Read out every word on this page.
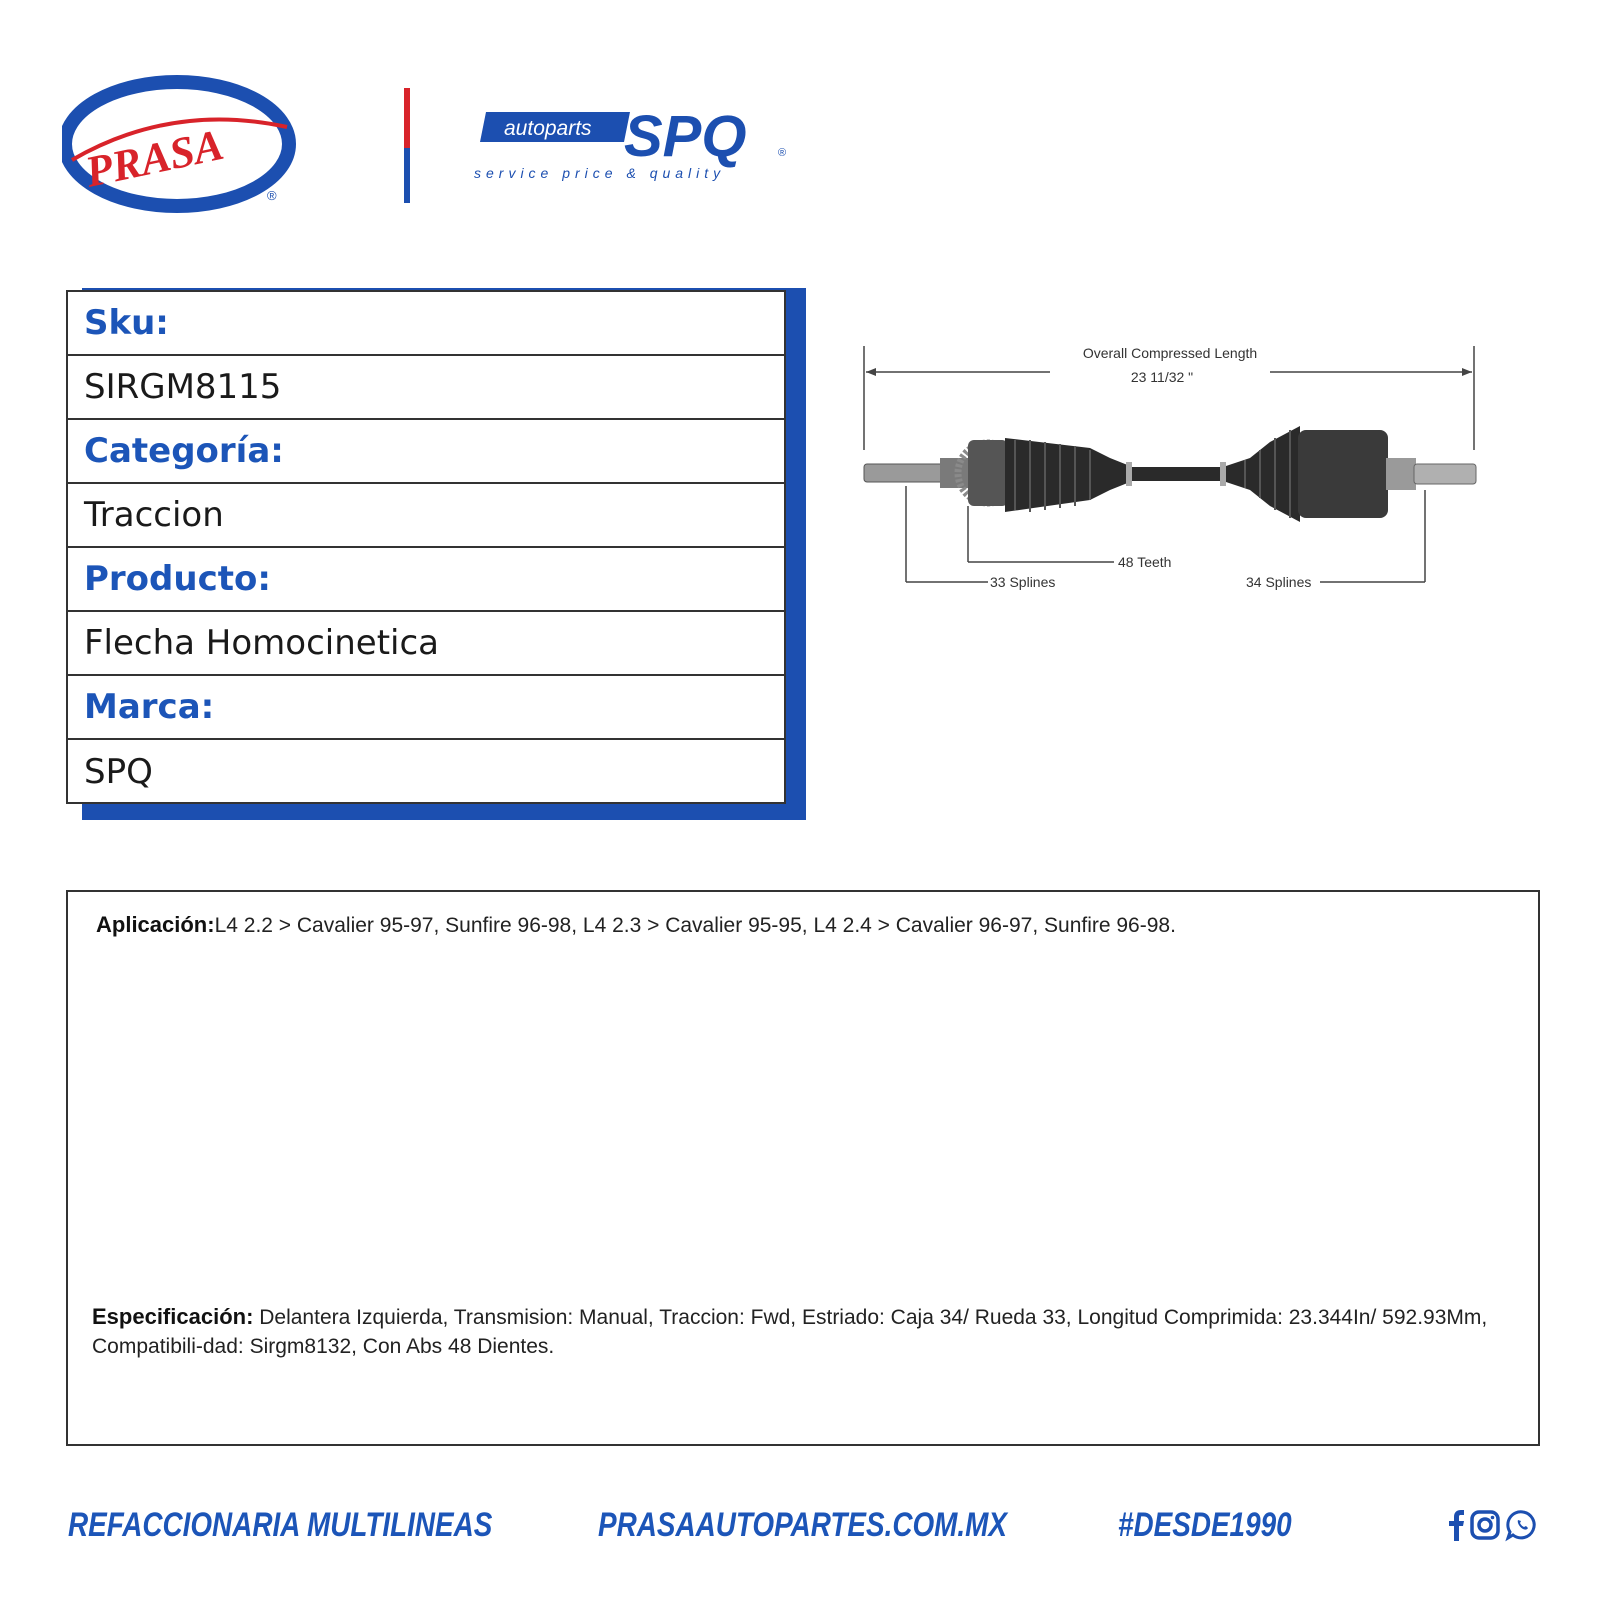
PRASA	®
autoparts SPQ	®
service price & quality
Sku:
SIRGM8115
Categoría:
Traccion
Producto:
Flecha Homocinetica
Marca:
SPQ
Overall Compressed Length
23 11/32 "
33 Splines
48 Teeth
34 Splines
Aplicación:L4 2.2 > Cavalier 95-97, Sunfire 96-98, L4 2.3 > Cavalier 95-95, L4 2.4 > Cavalier 96-97, Sunfire 96-98.
Especificación: Delantera Izquierda, Transmision: Manual, Traccion: Fwd, Estriado: Caja 34/ Rueda 33, Longitud Comprimida: 23.344In/ 592.93Mm, Compatibili-dad: Sirgm8132, Con Abs 48 Dientes.
REFACCIONARIA MULTILINEAS	PRASAAUTOPARTES.COM.MX	#DESDE1990
